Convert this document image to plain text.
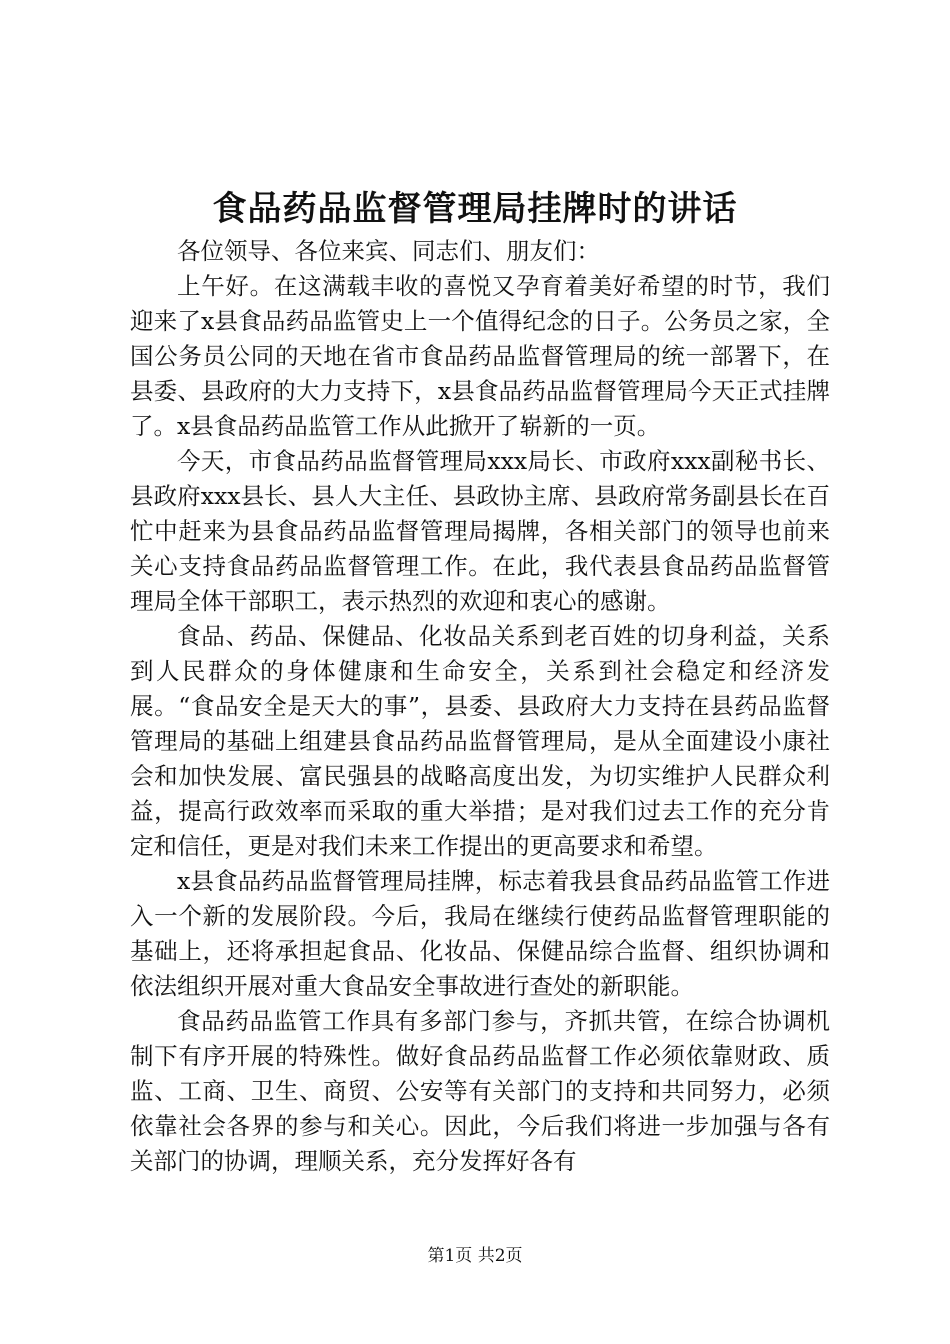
食品药品监督管理局挂牌时的讲话

各位领导、各位来宾、同志们、朋友们：

上午好。在这满载丰收的喜悦又孕育着美好希望的时节，我们迎来了x县食品药品监管史上一个值得纪念的日子。公务员之家，全国公务员公同的天地在省市食品药品监督管理局的统一部署下，在县委、县政府的大力支持下，x县食品药品监督管理局今天正式挂牌了。x县食品药品监管工作从此掀开了崭新的一页。

今天，市食品药品监督管理局xxx局长、市政府xxx副秘书长、县政府xxx县长、县人大主任、县政协主席、县政府常务副县长在百忙中赶来为县食品药品监督管理局揭牌，各相关部门的领导也前来关心支持食品药品监督管理工作。在此，我代表县食品药品监督管理局全体干部职工，表示热烈的欢迎和衷心的感谢。

食品、药品、保健品、化妆品关系到老百姓的切身利益，关系到人民群众的身体健康和生命安全，关系到社会稳定和经济发展。“食品安全是天大的事”，县委、县政府大力支持在县药品监督管理局的基础上组建县食品药品监督管理局，是从全面建设小康社会和加快发展、富民强县的战略高度出发，为切实维护人民群众利益，提高行政效率而采取的重大举措；是对我们过去工作的充分肯定和信任，更是对我们未来工作提出的更高要求和希望。

x县食品药品监督管理局挂牌，标志着我县食品药品监管工作进入一个新的发展阶段。今后，我局在继续行使药品监督管理职能的基础上，还将承担起食品、化妆品、保健品综合监督、组织协调和依法组织开展对重大食品安全事故进行查处的新职能。

食品药品监管工作具有多部门参与，齐抓共管，在综合协调机制下有序开展的特殊性。做好食品药品监督工作必须依靠财政、质监、工商、卫生、商贸、公安等有关部门的支持和共同努力，必须依靠社会各界的参与和关心。因此，今后我们将进一步加强与各有关部门的协调，理顺关系，充分发挥好各有

第1页 共2页
